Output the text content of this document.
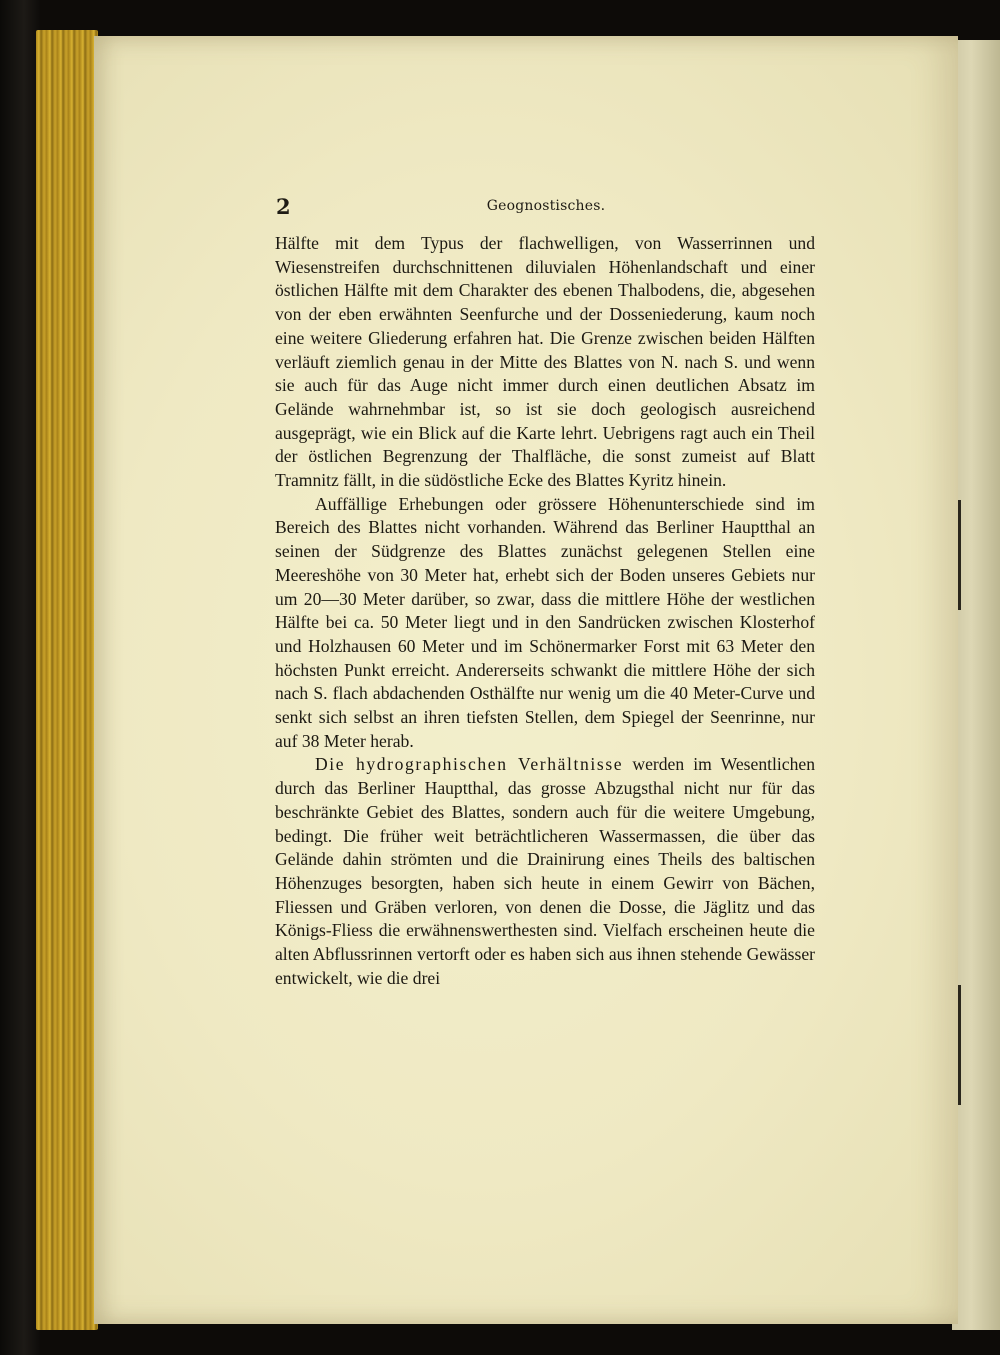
2	Geognostisches.

Hälfte mit dem Typus der flachwelligen, von Wasserrinnen und Wiesenstreifen durchschnittenen diluvialen Höhenlandschaft und einer östlichen Hälfte mit dem Charakter des ebenen Thalbodens, die, abgesehen von der eben erwähnten Seenfurche und der Dosseniederung, kaum noch eine weitere Gliederung erfahren hat. Die Grenze zwischen beiden Hälften verläuft ziemlich genau in der Mitte des Blattes von N. nach S. und wenn sie auch für das Auge nicht immer durch einen deutlichen Absatz im Gelände wahrnehmbar ist, so ist sie doch geologisch ausreichend ausgeprägt, wie ein Blick auf die Karte lehrt. Uebrigens ragt auch ein Theil der östlichen Begrenzung der Thalfläche, die sonst zumeist auf Blatt Tramnitz fällt, in die südöstliche Ecke des Blattes Kyritz hinein.

Auffällige Erhebungen oder grössere Höhenunterschiede sind im Bereich des Blattes nicht vorhanden. Während das Berliner Hauptthal an seinen der Südgrenze des Blattes zunächst gelegenen Stellen eine Meereshöhe von 30 Meter hat, erhebt sich der Boden unseres Gebiets nur um 20—30 Meter darüber, so zwar, dass die mittlere Höhe der westlichen Hälfte bei ca. 50 Meter liegt und in den Sandrücken zwischen Klosterhof und Holzhausen 60 Meter und im Schönermarker Forst mit 63 Meter den höchsten Punkt erreicht. Andererseits schwankt die mittlere Höhe der sich nach S. flach abdachenden Osthälfte nur wenig um die 40 Meter-Curve und senkt sich selbst an ihren tiefsten Stellen, dem Spiegel der Seenrinne, nur auf 38 Meter herab.

Die hydrographischen Verhältnisse werden im Wesentlichen durch das Berliner Hauptthal, das grosse Abzugsthal nicht nur für das beschränkte Gebiet des Blattes, sondern auch für die weitere Umgebung, bedingt. Die früher weit beträchtlicheren Wassermassen, die über das Gelände dahin strömten und die Drainirung eines Theils des baltischen Höhenzuges besorgten, haben sich heute in einem Gewirr von Bächen, Fliessen und Gräben verloren, von denen die Dosse, die Jäglitz und das Königs-Fliess die erwähnenswerthesten sind. Vielfach erscheinen heute die alten Abflussrinnen vertorft oder es haben sich aus ihnen stehende Gewässer entwickelt, wie die drei
